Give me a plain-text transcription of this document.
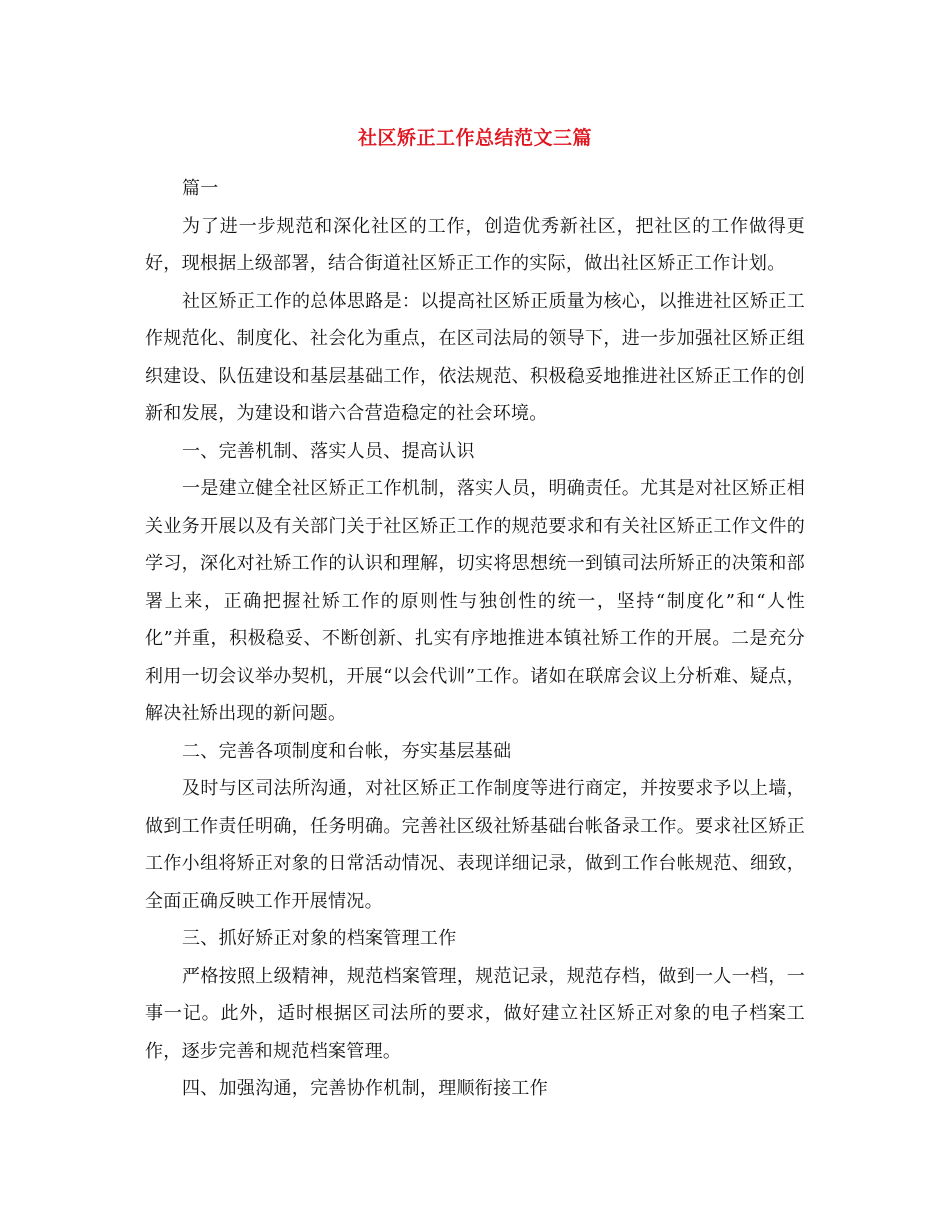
社区矫正工作总结范文三篇

篇一

为了进一步规范和深化社区的工作，创造优秀新社区，把社区的工作做得更好，现根据上级部署，结合街道社区矫正工作的实际，做出社区矫正工作计划。

社区矫正工作的总体思路是：以提高社区矫正质量为核心，以推进社区矫正工作规范化、制度化、社会化为重点，在区司法局的领导下，进一步加强社区矫正组织建设、队伍建设和基层基础工作，依法规范、积极稳妥地推进社区矫正工作的创新和发展，为建设和谐六合营造稳定的社会环境。

一、完善机制、落实人员、提高认识

一是建立健全社区矫正工作机制，落实人员，明确责任。尤其是对社区矫正相关业务开展以及有关部门关于社区矫正工作的规范要求和有关社区矫正工作文件的学习，深化对社矫工作的认识和理解，切实将思想统一到镇司法所矫正的决策和部署上来，正确把握社矫工作的原则性与独创性的统一，坚持“制度化”和“人性化”并重，积极稳妥、不断创新、扎实有序地推进本镇社矫工作的开展。二是充分利用一切会议举办契机，开展“以会代训”工作。诸如在联席会议上分析难、疑点，解决社矫出现的新问题。

二、完善各项制度和台帐，夯实基层基础

及时与区司法所沟通，对社区矫正工作制度等进行商定，并按要求予以上墙，做到工作责任明确，任务明确。完善社区级社矫基础台帐备录工作。要求社区矫正工作小组将矫正对象的日常活动情况、表现详细记录，做到工作台帐规范、细致，全面正确反映工作开展情况。

三、抓好矫正对象的档案管理工作

严格按照上级精神，规范档案管理，规范记录，规范存档，做到一人一档，一事一记。此外，适时根据区司法所的要求，做好建立社区矫正对象的电子档案工作，逐步完善和规范档案管理。

四、加强沟通，完善协作机制，理顺衔接工作
